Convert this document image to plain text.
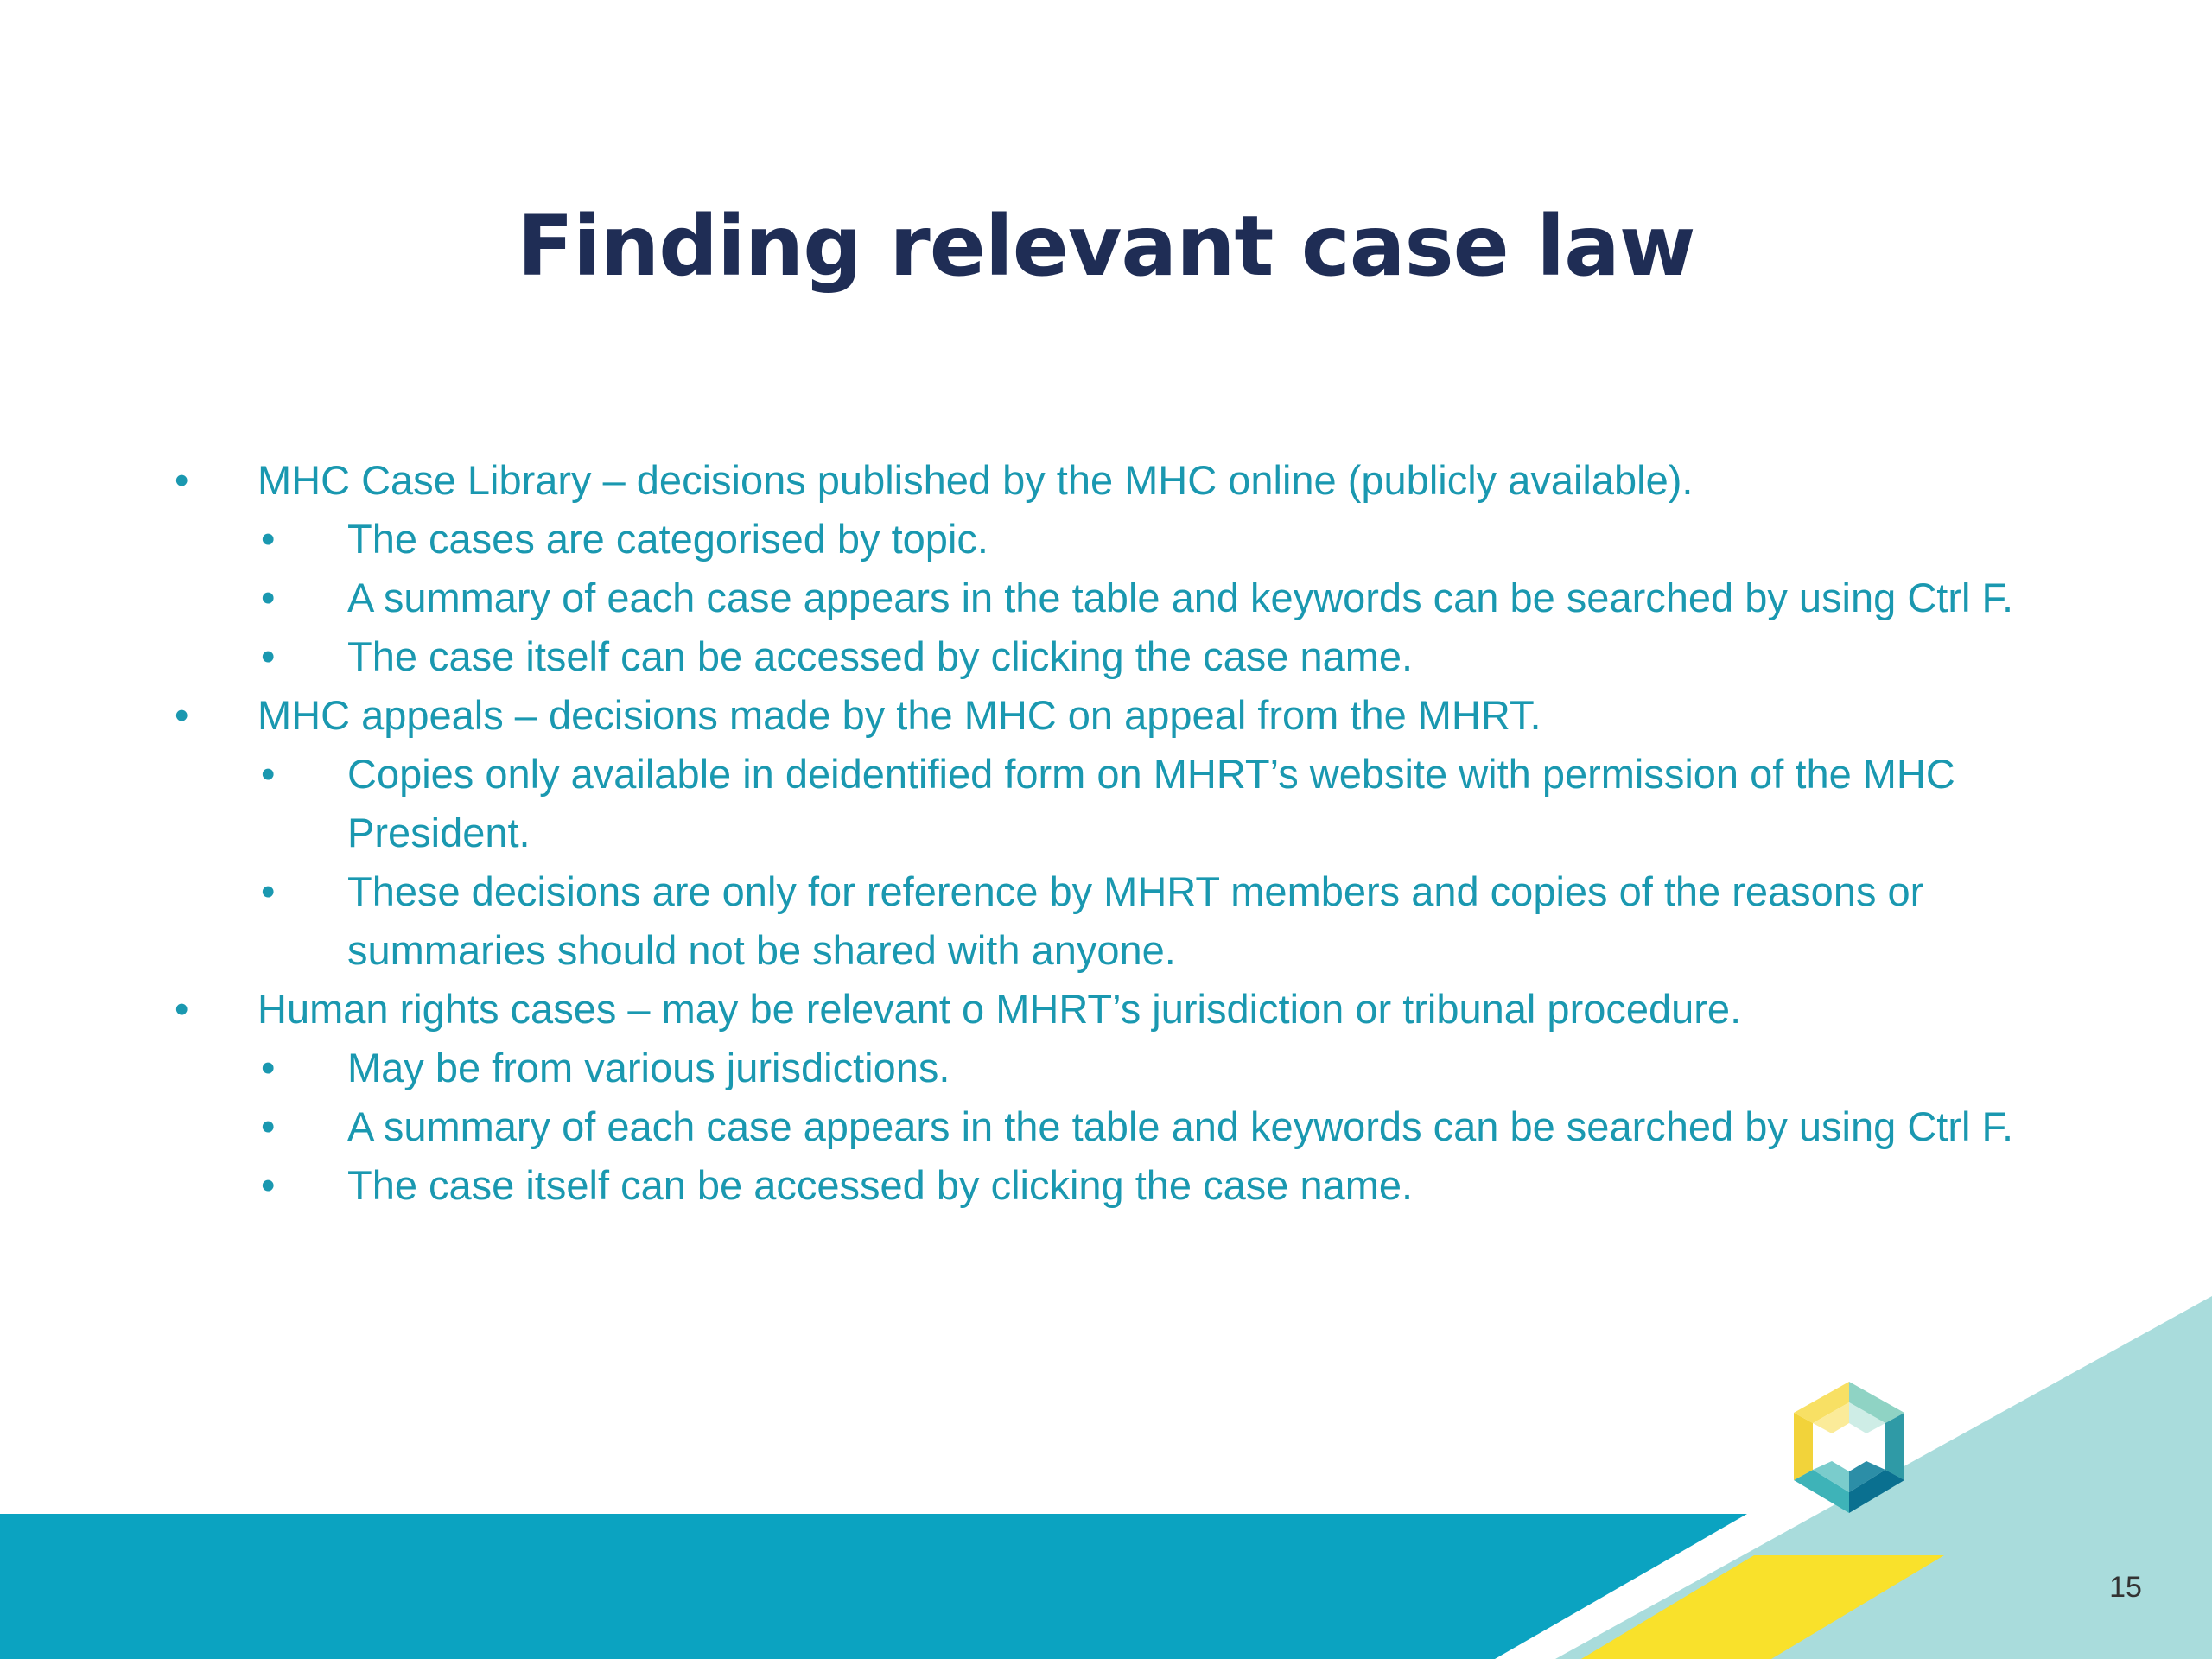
Finding relevant case law
• MHC Case Library – decisions published by the MHC online (publicly available).
• The cases are categorised by topic.
• A summary of each case appears in the table and keywords can be searched by using Ctrl F.
• The case itself can be accessed by clicking the case name.
• MHC appeals – decisions made by the MHC on appeal from the MHRT.
• Copies only available in deidentified form on MHRT’s website with permission of the MHC President.
• These decisions are only for reference by MHRT members and copies of the reasons or summaries should not be shared with anyone.
• Human rights cases – may be relevant o MHRT’s jurisdiction or tribunal procedure.
• May be from various jurisdictions.
• A summary of each case appears in the table and keywords can be searched by using Ctrl F.
• The case itself can be accessed by clicking the case name.
15
